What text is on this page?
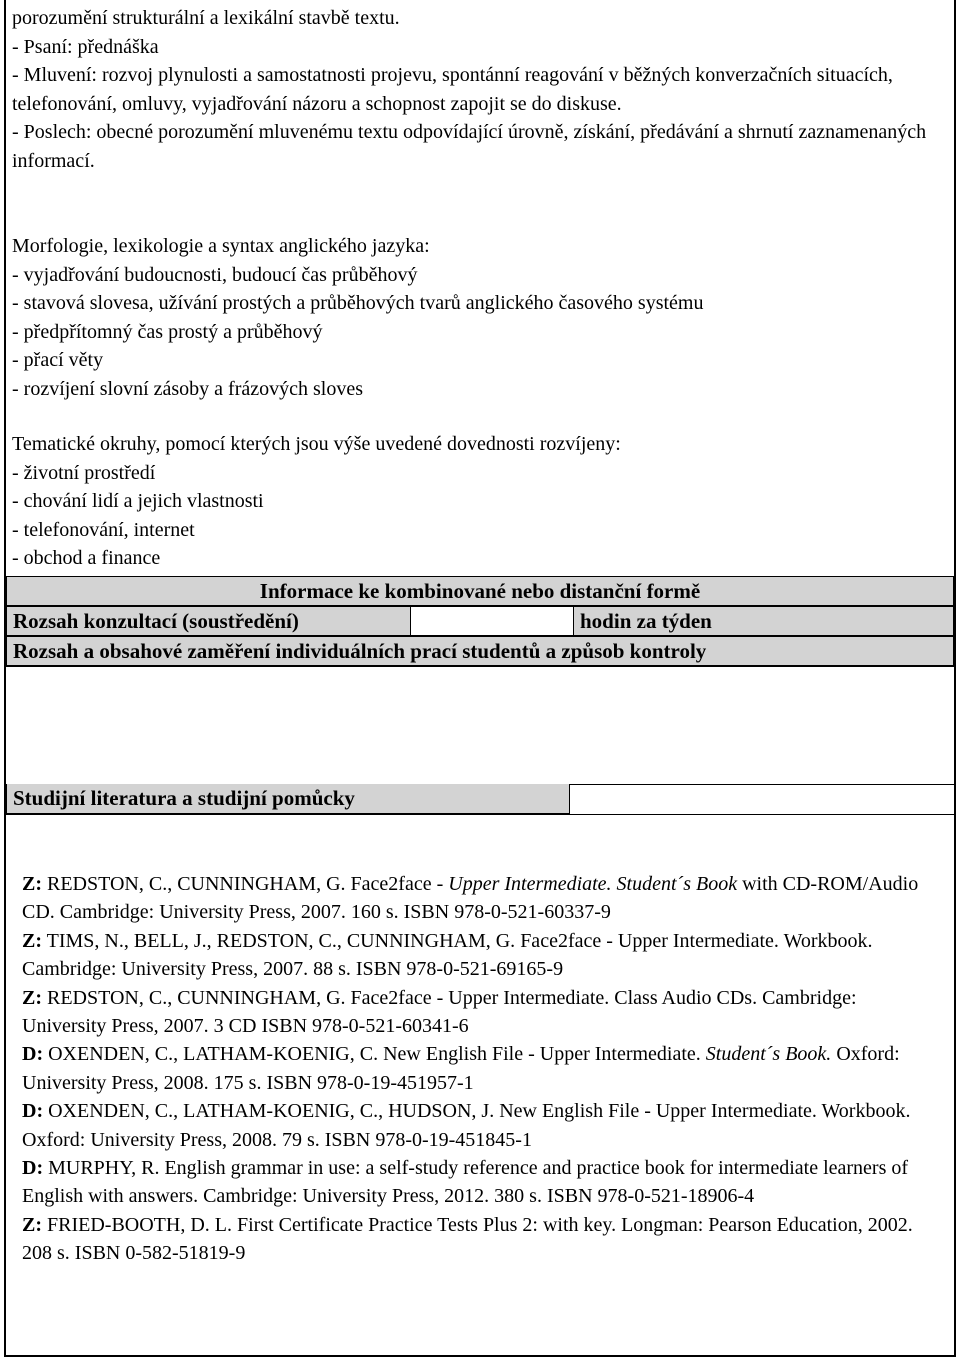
porozumění strukturální a lexikální stavbě textu.

- Psaní: přednáška

- Mluvení: rozvoj plynulosti a samostatnosti projevu, spontánní reagování v běžných konverzačních situacích, telefonování, omluvy, vyjadřování názoru a schopnost zapojit se do diskuse.

- Poslech: obecné porozumění mluvenému textu odpovídající úrovně, získání, předávání a shrnutí zaznamenaných informací.

Morfologie, lexikologie a syntax anglického jazyka:

- vyjadřování budoucnosti, budoucí čas průběhový

- stavová slovesa, užívání prostých a průběhových tvarů anglického časového systému

- předpřítomný čas prostý a průběhový

- přací věty

- rozvíjení slovní zásoby a frázových sloves

Tematické okruhy, pomocí kterých jsou výše uvedené dovednosti rozvíjeny:

- životní prostředí

- chování lidí a jejich vlastnosti

- telefonování, internet

- obchod a finance

Informace ke kombinované nebo distanční formě
Rozsah konzultací (soustředění)	hodin za týden
Rozsah a obsahové zaměření individuálních prací studentů a způsob kontroly
Studijní literatura a studijní pomůcky

Z: REDSTON, C., CUNNINGHAM, G. Face2face - Upper Intermediate. Student´s Book with CD-ROM/Audio CD. Cambridge: University Press, 2007. 160 s. ISBN 978-0-521-60337-9

Z: TIMS, N., BELL, J., REDSTON, C., CUNNINGHAM, G. Face2face - Upper Intermediate. Workbook. Cambridge: University Press, 2007. 88 s. ISBN 978-0-521-69165-9

Z: REDSTON, C., CUNNINGHAM, G. Face2face - Upper Intermediate. Class Audio CDs. Cambridge: University Press, 2007. 3 CD ISBN 978-0-521-60341-6

D: OXENDEN, C., LATHAM-KOENIG, C. New English File - Upper Intermediate. Student´s Book. Oxford: University Press, 2008. 175 s. ISBN 978-0-19-451957-1

D: OXENDEN, C., LATHAM-KOENIG, C., HUDSON, J. New English File - Upper Intermediate. Workbook. Oxford: University Press, 2008. 79 s. ISBN 978-0-19-451845-1

D: MURPHY, R. English grammar in use: a self-study reference and practice book for intermediate learners of English with answers. Cambridge: University Press, 2012. 380 s. ISBN 978-0-521-18906-4

Z: FRIED-BOOTH, D. L. First Certificate Practice Tests Plus 2: with key. Longman: Pearson Education, 2002. 208 s. ISBN 0-582-51819-9
